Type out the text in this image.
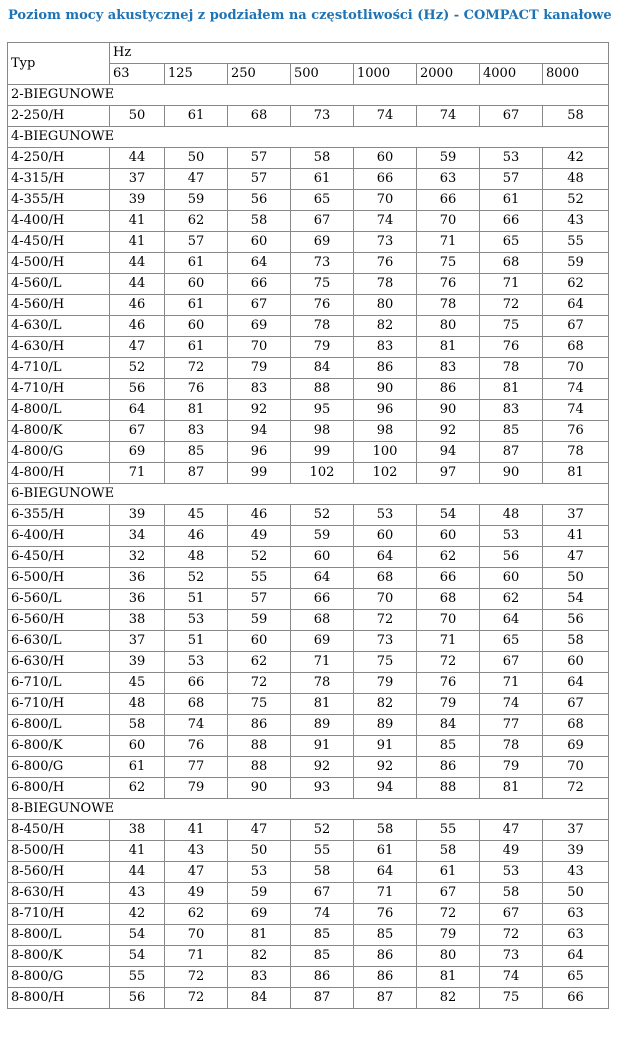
Poziom mocy akustycznej z podziałem na częstotliwości (Hz) - COMPACT kanałowe
Typ	Hz							
	63	125	250	500	1000	2000	4000	8000
2-BIEGUNOWE								
2-250/H	50	61	68	73	74	74	67	58
4-BIEGUNOWE								
4-250/H	44	50	57	58	60	59	53	42
4-315/H	37	47	57	61	66	63	57	48
4-355/H	39	59	56	65	70	66	61	52
4-400/H	41	62	58	67	74	70	66	43
4-450/H	41	57	60	69	73	71	65	55
4-500/H	44	61	64	73	76	75	68	59
4-560/L	44	60	66	75	78	76	71	62
4-560/H	46	61	67	76	80	78	72	64
4-630/L	46	60	69	78	82	80	75	67
4-630/H	47	61	70	79	83	81	76	68
4-710/L	52	72	79	84	86	83	78	70
4-710/H	56	76	83	88	90	86	81	74
4-800/L	64	81	92	95	96	90	83	74
4-800/K	67	83	94	98	98	92	85	76
4-800/G	69	85	96	99	100	94	87	78
4-800/H	71	87	99	102	102	97	90	81
6-BIEGUNOWE								
6-355/H	39	45	46	52	53	54	48	37
6-400/H	34	46	49	59	60	60	53	41
6-450/H	32	48	52	60	64	62	56	47
6-500/H	36	52	55	64	68	66	60	50
6-560/L	36	51	57	66	70	68	62	54
6-560/H	38	53	59	68	72	70	64	56
6-630/L	37	51	60	69	73	71	65	58
6-630/H	39	53	62	71	75	72	67	60
6-710/L	45	66	72	78	79	76	71	64
6-710/H	48	68	75	81	82	79	74	67
6-800/L	58	74	86	89	89	84	77	68
6-800/K	60	76	88	91	91	85	78	69
6-800/G	61	77	88	92	92	86	79	70
6-800/H	62	79	90	93	94	88	81	72
8-BIEGUNOWE								
8-450/H	38	41	47	52	58	55	47	37
8-500/H	41	43	50	55	61	58	49	39
8-560/H	44	47	53	58	64	61	53	43
8-630/H	43	49	59	67	71	67	58	50
8-710/H	42	62	69	74	76	72	67	63
8-800/L	54	70	81	85	85	79	72	63
8-800/K	54	71	82	85	86	80	73	64
8-800/G	55	72	83	86	86	81	74	65
8-800/H	56	72	84	87	87	82	75	66
